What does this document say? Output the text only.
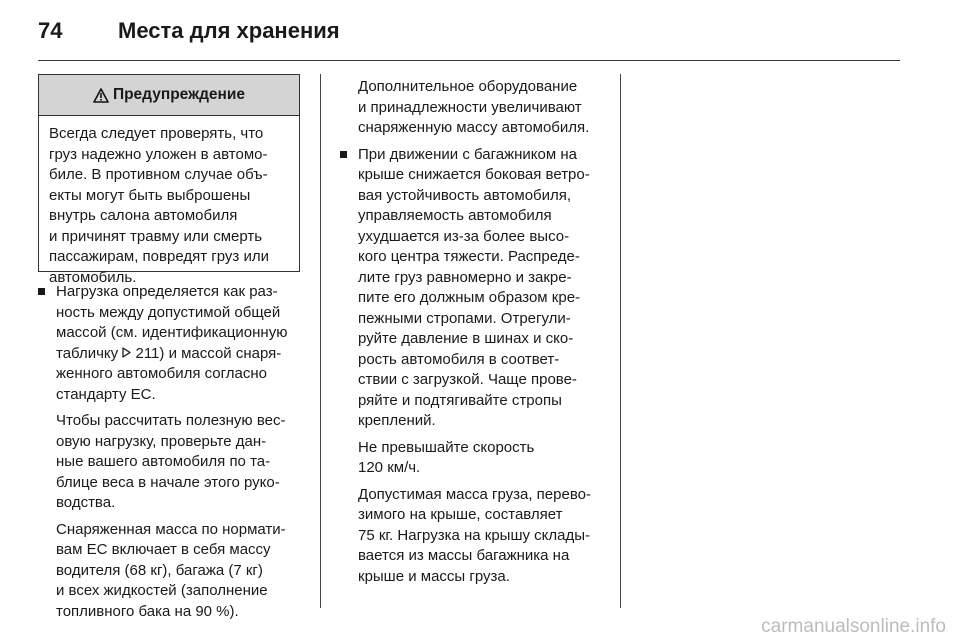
74	Места для хранения
Предупреждение

Всегда следует проверять, что
груз надежно уложен в автомо-
биле. В противном случае объ-
екты могут быть выброшены
внутрь салона автомобиля
и причинят травму или смерть
пассажирам, повредят груз или
автомобиль.

Нагрузка определяется как раз-
ность между допустимой общей
массой (см. идентификационную
табличку  211) и массой снаря-
женного автомобиля согласно
стандарту ЕС.

Чтобы рассчитать полезную вес-
овую нагрузку, проверьте дан-
ные вашего автомобиля по та-
блице веса в начале этого руко-
водства.

Снаряженная масса по нормати-
вам ЕС включает в себя массу
водителя (68 кг), багажа (7 кг)
и всех жидкостей (заполнение
топливного бака на 90 %).

Дополнительное оборудование
и принадлежности увеличивают
снаряженную массу автомобиля.

При движении с багажником на
крыше снижается боковая ветро-
вая устойчивость автомобиля,
управляемость автомобиля
ухудшается из-за более высо-
кого центра тяжести. Распреде-
лите груз равномерно и закре-
пите его должным образом кре-
пежными стропами. Отрегули-
руйте давление в шинах и ско-
рость автомобиля в соответ-
ствии с загрузкой. Чаще прове-
ряйте и подтягивайте стропы
креплений.

Не превышайте скорость
120 км/ч.

Допустимая масса груза, перево-
зимого на крыше, составляет
75 кг. Нагрузка на крышу склады-
вается из массы багажника на
крыше и массы груза.

carmanualsonline.info
